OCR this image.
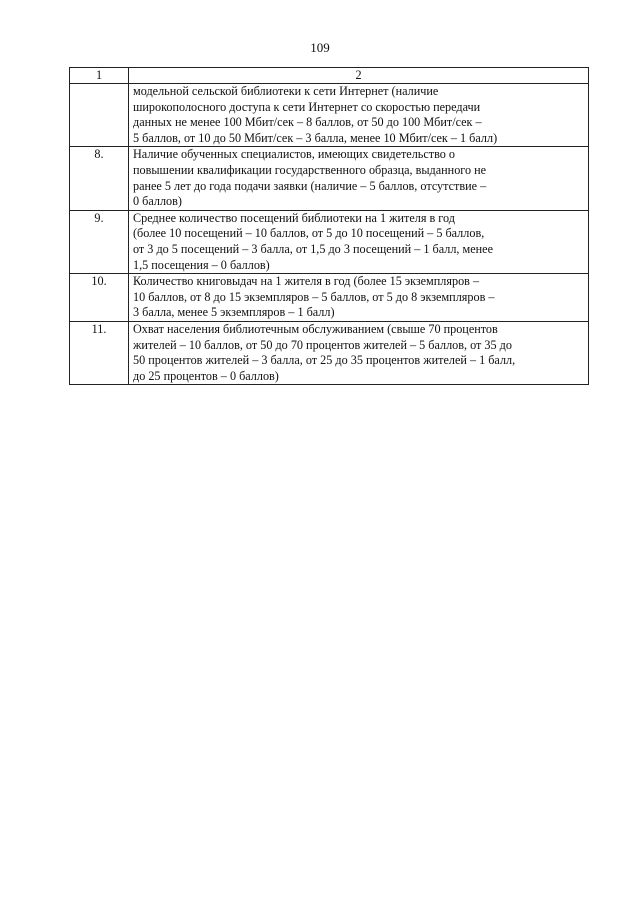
109
1	2

	модельной сельской библиотеки к сети Интернет (наличие
широкополосного доступа к сети Интернет со скоростью передачи
данных не менее 100 Мбит/сек – 8 баллов, от 50 до 100 Мбит/сек –
5 баллов, от 10 до 50 Мбит/сек – 3 балла, менее 10 Мбит/сек – 1 балл)

8.	Наличие обученных специалистов, имеющих свидетельство о
повышении квалификации государственного образца, выданного не
ранее 5 лет до года подачи заявки (наличие – 5 баллов, отсутствие –
0 баллов)

9.	Среднее количество посещений библиотеки на 1 жителя в год
(более 10 посещений – 10 баллов, от 5 до 10 посещений – 5 баллов,
от 3 до 5 посещений – 3 балла, от 1,5 до 3 посещений – 1 балл, менее
1,5 посещения – 0 баллов)

10.	Количество книговыдач на 1 жителя в год (более 15 экземпляров –
10 баллов, от 8 до 15 экземпляров – 5 баллов, от 5 до 8 экземпляров –
3 балла, менее 5 экземпляров – 1 балл)

11.	Охват населения библиотечным обслуживанием (свыше 70 процентов
жителей – 10 баллов, от 50 до 70 процентов жителей – 5 баллов, от 35 до
50 процентов жителей – 3 балла, от 25 до 35 процентов жителей – 1 балл,
до 25 процентов – 0 баллов)
